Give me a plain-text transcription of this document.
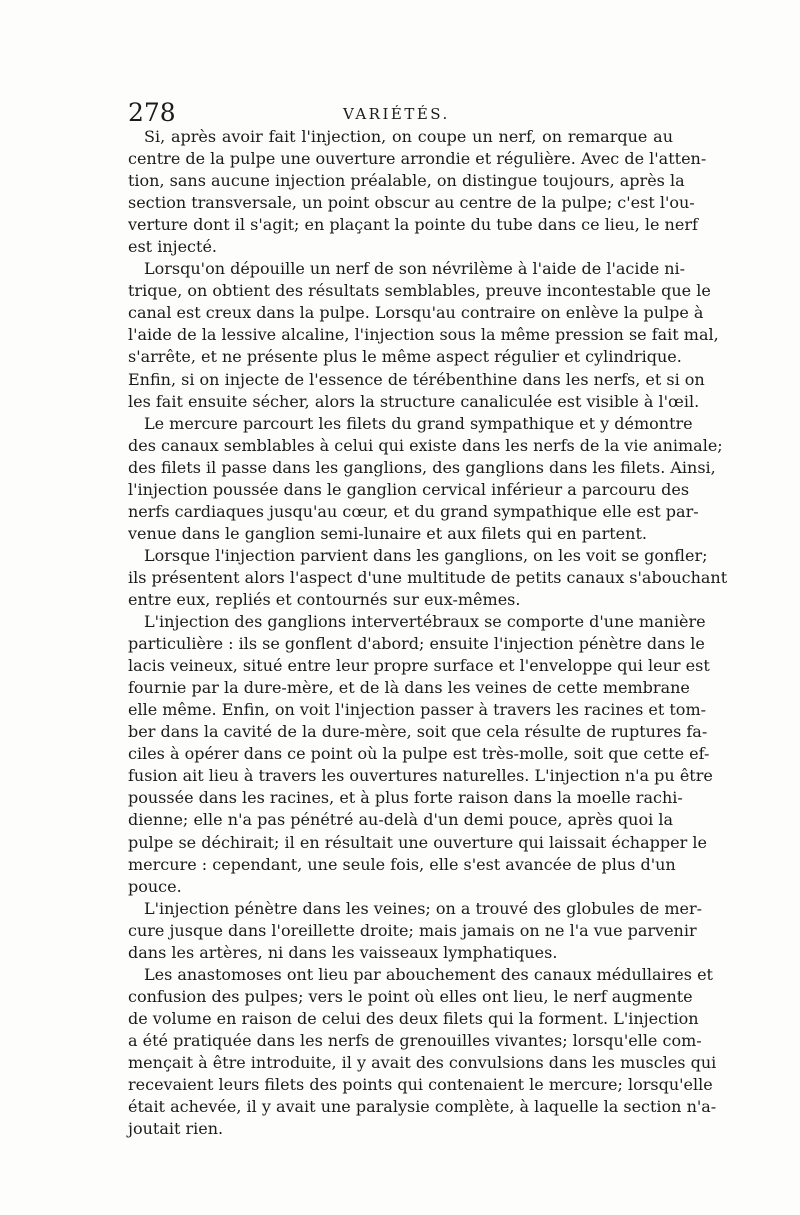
278	VARIÉTÉS.
Si, après avoir fait l'injection, on coupe un nerf, on remarque au
centre de la pulpe une ouverture arrondie et régulière. Avec de l'atten-
tion, sans aucune injection préalable, on distingue toujours, après la
section transversale, un point obscur au centre de la pulpe; c'est l'ou-
verture dont il s'agit; en plaçant la pointe du tube dans ce lieu, le nerf
est injecté.
Lorsqu'on dépouille un nerf de son névrilème à l'aide de l'acide ni-
trique, on obtient des résultats semblables, preuve incontestable que le
canal est creux dans la pulpe. Lorsqu'au contraire on enlève la pulpe à
l'aide de la lessive alcaline, l'injection sous la même pression se fait mal,
s'arrête, et ne présente plus le même aspect régulier et cylindrique.
Enfin, si on injecte de l'essence de térébenthine dans les nerfs, et si on
les fait ensuite sécher, alors la structure canaliculée est visible à l'œil.
Le mercure parcourt les filets du grand sympathique et y démontre
des canaux semblables à celui qui existe dans les nerfs de la vie animale;
des filets il passe dans les ganglions, des ganglions dans les filets. Ainsi,
l'injection poussée dans le ganglion cervical inférieur a parcouru des
nerfs cardiaques jusqu'au cœur, et du grand sympathique elle est par-
venue dans le ganglion semi-lunaire et aux filets qui en partent.
Lorsque l'injection parvient dans les ganglions, on les voit se gonfler;
ils présentent alors l'aspect d'une multitude de petits canaux s'abouchant
entre eux, repliés et contournés sur eux-mêmes.
L'injection des ganglions intervertébraux se comporte d'une manière
particulière : ils se gonflent d'abord; ensuite l'injection pénètre dans le
lacis veineux, situé entre leur propre surface et l'enveloppe qui leur est
fournie par la dure-mère, et de là dans les veines de cette membrane
elle même. Enfin, on voit l'injection passer à travers les racines et tom-
ber dans la cavité de la dure-mère, soit que cela résulte de ruptures fa-
ciles à opérer dans ce point où la pulpe est très-molle, soit que cette ef-
fusion ait lieu à travers les ouvertures naturelles. L'injection n'a pu être
poussée dans les racines, et à plus forte raison dans la moelle rachi-
dienne; elle n'a pas pénétré au-delà d'un demi pouce, après quoi la
pulpe se déchirait; il en résultait une ouverture qui laissait échapper le
mercure : cependant, une seule fois, elle s'est avancée de plus d'un
pouce.
L'injection pénètre dans les veines; on a trouvé des globules de mer-
cure jusque dans l'oreillette droite; mais jamais on ne l'a vue parvenir
dans les artères, ni dans les vaisseaux lymphatiques.
Les anastomoses ont lieu par abouchement des canaux médullaires et
confusion des pulpes; vers le point où elles ont lieu, le nerf augmente
de volume en raison de celui des deux filets qui la forment. L'injection
a été pratiquée dans les nerfs de grenouilles vivantes; lorsqu'elle com-
mençait à être introduite, il y avait des convulsions dans les muscles qui
recevaient leurs filets des points qui contenaient le mercure; lorsqu'elle
était achevée, il y avait une paralysie complète, à laquelle la section n'a-
joutait rien.
